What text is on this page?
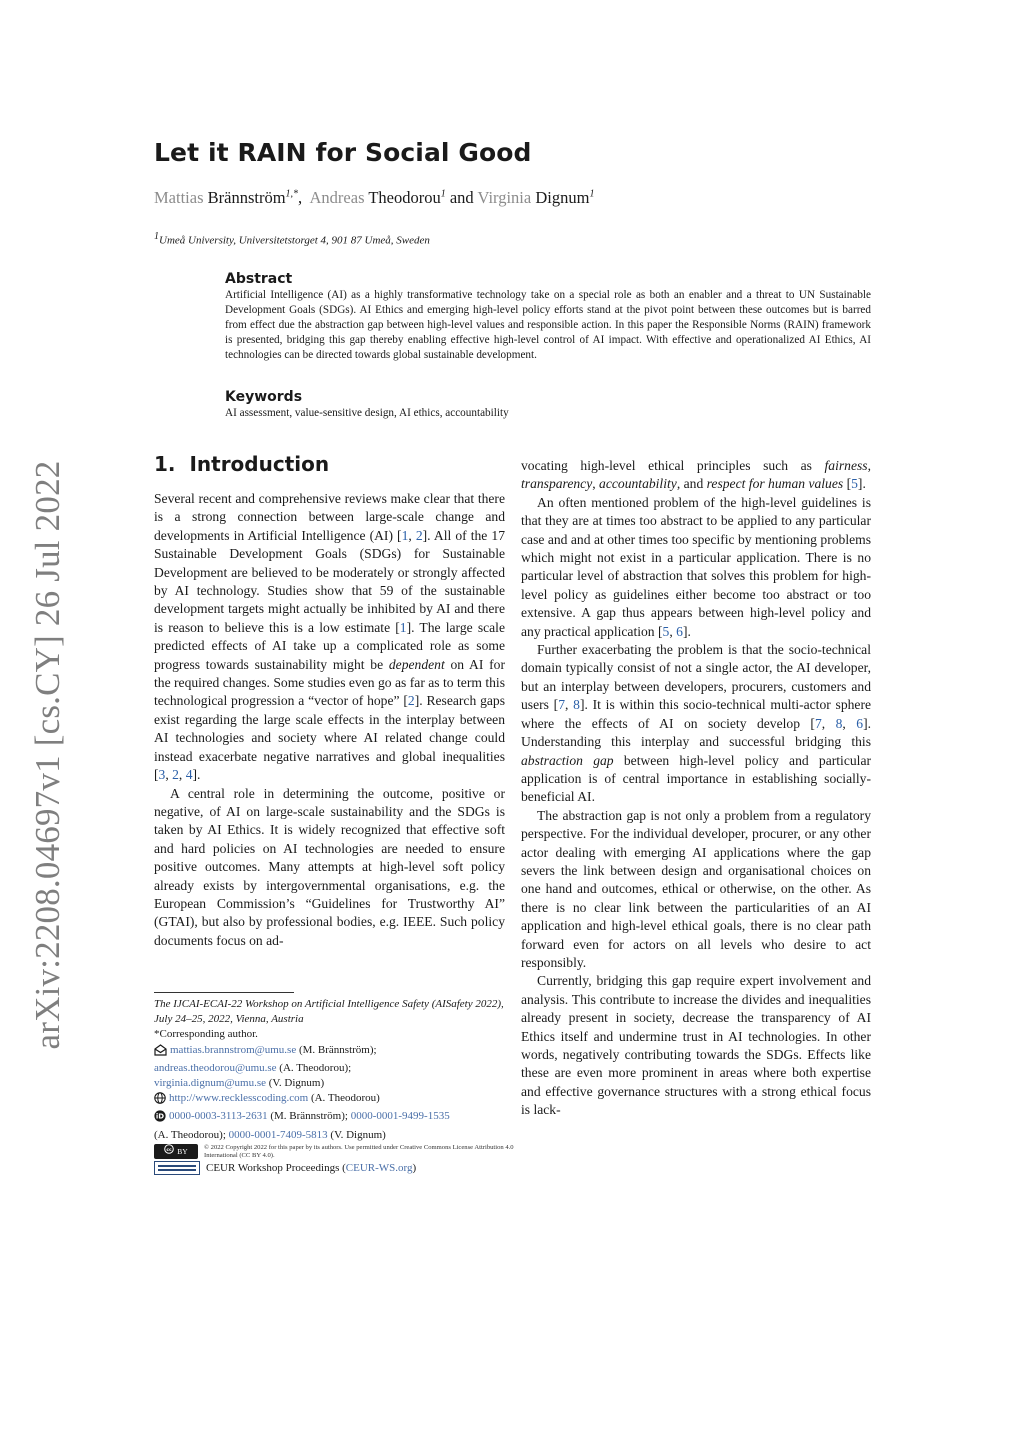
arXiv:2208.04697v1 [cs.CY] 26 Jul 2022
Let it RAIN for Social Good
Mattias Brännström$^{1,*}$, Andreas Theodorou$^1$ and Virginia Dignum$^1$
1Umeå University, Universitetstorget 4, 901 87 Umeå, Sweden
Abstract
Artificial Intelligence (AI) as a highly transformative technology take on a special role as both an enabler and a threat to UN Sustainable Development Goals (SDGs). AI Ethics and emerging high-level policy efforts stand at the pivot point between these outcomes but is barred from effect due the abstraction gap between high-level values and responsible action. In this paper the Responsible Norms (RAIN) framework is presented, bridging this gap thereby enabling effective high-level control of AI impact. With effective and operationalized AI Ethics, AI technologies can be directed towards global sustainable development.
Keywords
AI assessment, value-sensitive design, AI ethics, accountability
1. Introduction

Several recent and comprehensive reviews make clear that there is a strong connection between large-scale change and developments in Artificial Intelligence (AI) [1, 2]. All of the 17 Sustainable Development Goals (SDGs) for Sustainable Development are believed to be moderately or strongly affected by AI technology. Studies show that 59 of the sustainable development targets might actually be inhibited by AI and there is reason to believe this is a low estimate [1]. The large scale predicted effects of AI take up a complicated role as some progress towards sustainability might be dependent on AI for the required changes. Some studies even go as far as to term this technological progression a “vector of hope” [2]. Research gaps exist regarding the large scale effects in the interplay between AI technologies and society where AI related change could instead exacerbate negative narratives and global inequalities [3, 2, 4].

A central role in determining the outcome, positive or negative, of AI on large-scale sustainability and the SDGs is taken by AI Ethics. It is widely recognized that effective soft and hard policies on AI technologies are needed to ensure positive outcomes. Many attempts at high-level soft policy already exists by intergovernmental organisations, e.g. the European Commission’s “Guidelines for Trustworthy AI” (GTAI), but also by professional bodies, e.g. IEEE. Such policy documents focus on ad-

vocating high-level ethical principles such as fairness, transparency, accountability, and respect for human values [5].

An often mentioned problem of the high-level guidelines is that they are at times too abstract to be applied to any particular case and and at other times too specific by mentioning problems which might not exist in a particular application. There is no particular level of abstraction that solves this problem for high-level policy as guidelines either become too abstract or too extensive. A gap thus appears between high-level policy and any practical application [5, 6].

Further exacerbating the problem is that the socio-technical domain typically consist of not a single actor, the AI developer, but an interplay between developers, procurers, customers and users [7, 8]. It is within this socio-technical multi-actor sphere where the effects of AI on society develop [7, 8, 6]. Understanding this interplay and successful bridging this abstraction gap between high-level policy and particular application is of central importance in establishing socially-beneficial AI.

The abstraction gap is not only a problem from a regulatory perspective. For the individual developer, procurer, or any other actor dealing with emerging AI applications where the gap severs the link between design and organisational choices on one hand and outcomes, ethical or otherwise, on the other. As there is no clear link between the particularities of an AI application and high-level ethical goals, there is no clear path forward even for actors on all levels who desire to act responsibly.

Currently, bridging this gap require expert involvement and analysis. This contribute to increase the divides and inequalities already present in society, decrease the transparency of AI Ethics itself and undermine trust in AI technologies. In other words, negatively contributing towards the SDGs. Effects like these are even more prominent in areas where both expertise and effective governance structures with a strong ethical focus is lack-

The IJCAI-ECAI-22 Workshop on Artificial Intelligence Safety (AISafety 2022), July 24–25, 2022, Vienna, Austria
*Corresponding author.
mattias.brannstrom@umu.se (M. Brännström);
andreas.theodorou@umu.se (A. Theodorou);
virginia.dignum@umu.se (V. Dignum)
http://www.recklesscoding.com (A. Theodorou)
iD 0000-0003-3113-2631 (M. Brännström); 0000-0001-9499-1535
(A. Theodorou); 0000-0001-7409-5813 (V. Dignum)
cc BY © 2022 Copyright 2022 for this paper by its authors. Use permitted under Creative Commons License Attribution 4.0 International (CC BY 4.0).
CEUR Workshop Proceedings (CEUR-WS.org)
